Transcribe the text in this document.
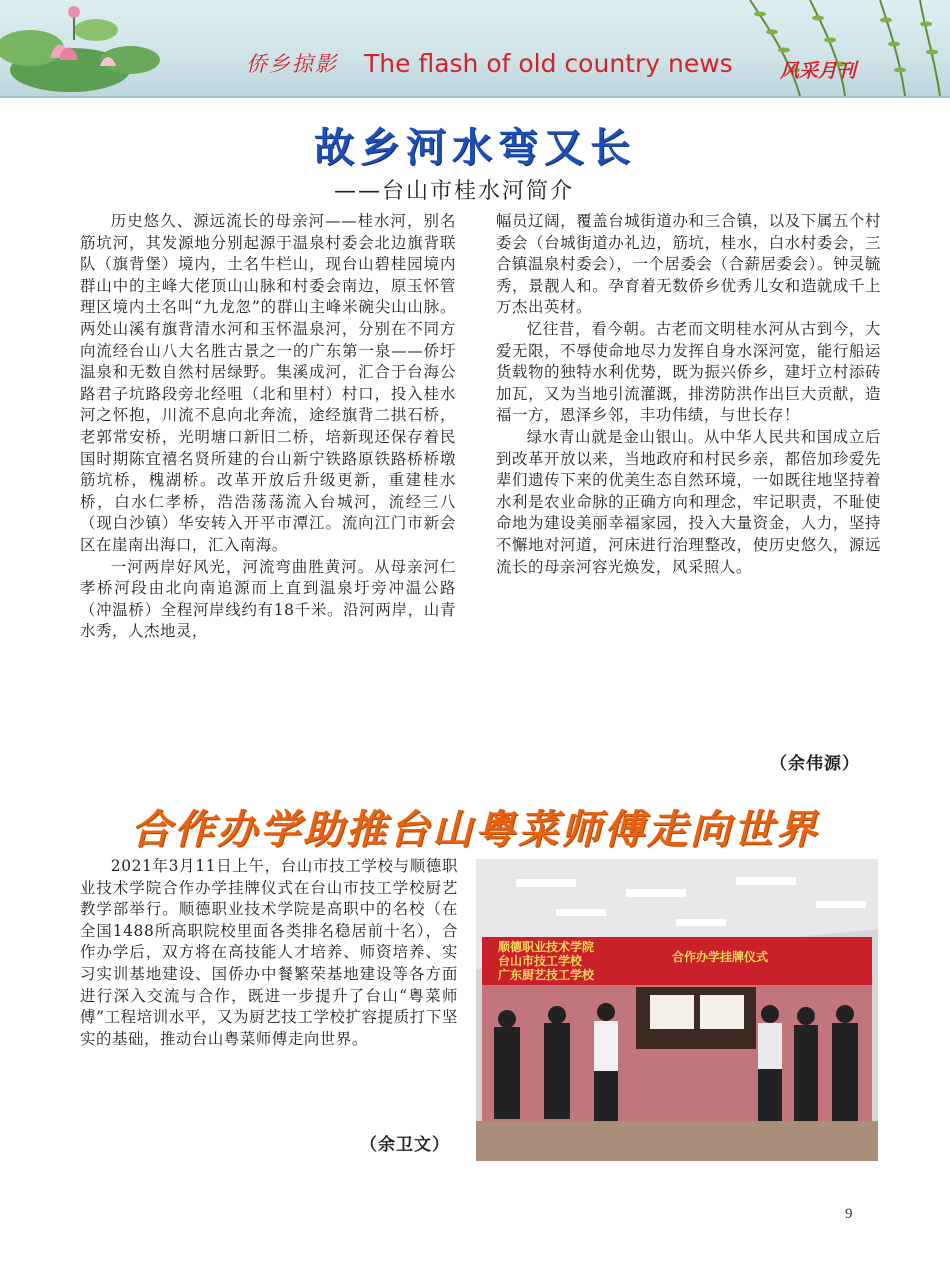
侨乡掠影 The flash of old country news 风采月刊
故乡河水弯又长
——台山市桂水河简介

历史悠久、源远流长的母亲河——桂水河，别名筋坑河，其发源地分别起源于温泉村委会北边旗背联队（旗背堡）境内，土名牛栏山，现台山碧桂园境内群山中的主峰大佬顶山山脉和村委会南边，原玉怀管理区境内土名叫“九龙忽”的群山主峰米碗尖山山脉。两处山溪有旗背清水河和玉怀温泉河，分别在不同方向流经台山八大名胜古景之一的广东第一泉——侨圩温泉和无数自然村居绿野。集溪成河，汇合于台海公路君子坑路段旁北经咀（北和里村）村口，投入桂水河之怀抱，川流不息向北奔流，途经旗背二拱石桥，老郭常安桥，光明塘口新旧二桥，培新现还保存着民国时期陈宜禧名贤所建的台山新宁铁路原铁路桥桥墩筋坑桥，槐湖桥。改革开放后升级更新，重建桂水桥，白水仁孝桥，浩浩荡荡流入台城河，流经三八（现白沙镇）华安转入开平市潭江。流向江门市新会区在崖南出海口，汇入南海。

一河两岸好风光，河流弯曲胜黄河。从母亲河仁孝桥河段由北向南追源而上直到温泉圩旁冲温公路（冲温桥）全程河岸线约有18千米。沿河两岸，山青水秀，人杰地灵，

幅员辽阔，覆盖台城街道办和三合镇，以及下属五个村委会（台城街道办礼边，筋坑，桂水，白水村委会，三合镇温泉村委会），一个居委会（合薪居委会）。钟灵毓秀，景靓人和。孕育着无数侨乡优秀儿女和造就成千上万杰出英材。

忆往昔，看今朝。古老而文明桂水河从古到今，大爱无限，不辱使命地尽力发挥自身水深河宽，能行船运货载物的独特水利优势，既为振兴侨乡，建圩立村添砖加瓦，又为当地引流灌溉，排涝防洪作出巨大贡献，造福一方，恩泽乡邻，丰功伟绩，与世长存！

绿水青山就是金山银山。从中华人民共和国成立后到改革开放以来，当地政府和村民乡亲，都倍加珍爱先辈们遗传下来的优美生态自然环境，一如既往地坚持着水利是农业命脉的正确方向和理念，牢记职责，不耻使命地为建设美丽幸福家园，投入大量资金，人力，坚持不懈地对河道，河床进行治理整改，使历史悠久，源远流长的母亲河容光焕发，风采照人。

（余伟源）
合作办学助推台山粤菜师傅走向世界

2021年3月11日上午，台山市技工学校与顺德职业技术学院合作办学挂牌仪式在台山市技工学校厨艺教学部举行。顺德职业技术学院是高职中的名校（在全国1488所高职院校里面各类排名稳居前十名），合作办学后，双方将在高技能人才培养、师资培养、实习实训基地建设、国侨办中餐繁荣基地建设等各方面进行深入交流与合作，既进一步提升了台山“粤菜师傅”工程培训水平，又为厨艺技工学校扩容提质打下坚实的基础，推动台山粤菜师傅走向世界。

（余卫文）
顺德职业技术学院
台山市技工学校
广东厨艺技工学校
合作办学挂牌仪式
9
